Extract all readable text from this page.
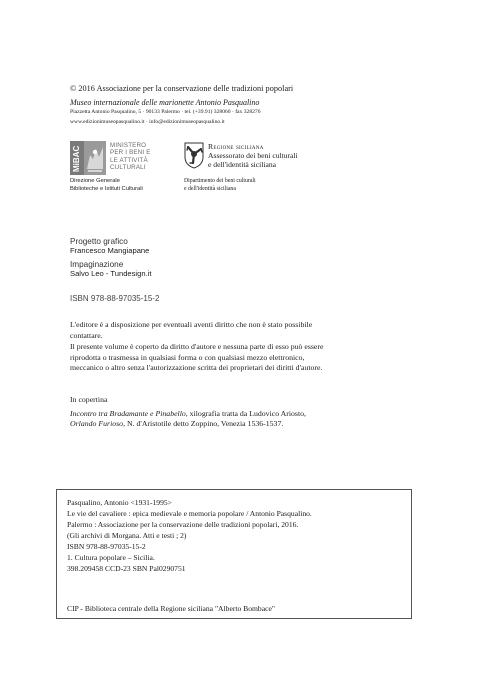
© 2016 Associazione per la conservazione delle tradizioni popolari
Museo internazionale delle marionette Antonio Pasqualino
Piazzetta Antonio Pasqualino, 5 · 90133 Palermo · tel. (+39.91) 328060 · fax 328276
www.edizionimuseopasqualino.it · info@edizionimuseopasqualino.it
MiBAC
MINISTERO
PER I BENI E
LE ATTIVITÀ
CULTURALI
Direzione Generale
Biblioteche e Istituti Culturali
Regione siciliana
Assessorato dei beni culturali
e dell'identità siciliana
Dipartimento dei beni culturali
e dell'identità siciliana
Progetto grafico
Francesco Mangiapane
Impaginazione
Salvo Leo - Tundesign.it
ISBN 978-88-97035-15-2
L'editore è a disposizione per eventuali aventi diritto che non è stato possibile
contattare.
Il presente volume è coperto da diritto d'autore e nessuna parte di esso può essere
riprodotta o trasmessa in qualsiasi forma o con qualsiasi mezzo elettronico,
meccanico o altro senza l'autorizzazione scritta dei proprietari dei diritti d'autore.
In copertina
Incontro tra Bradamante e Pinabello, xilografia tratta da Ludovico Ariosto,
Orlando Furioso, N. d'Aristotile detto Zoppino, Venezia 1536-1537.
Pasqualino, Antonio <1931-1995>
Le vie del cavaliere : epica medievale e memoria popolare / Antonio Pasqualino.
Palermo : Associazione per la conservazione delle tradizioni popolari, 2016.
(Gli archivi di Morgana. Atti e testi ; 2)
ISBN 978-88-97035-15-2
1. Cultura popolare – Sicilia.
398.209458 CCD-23 SBN Pal0290751
CIP - Biblioteca centrale della Regione siciliana "Alberto Bombace"
